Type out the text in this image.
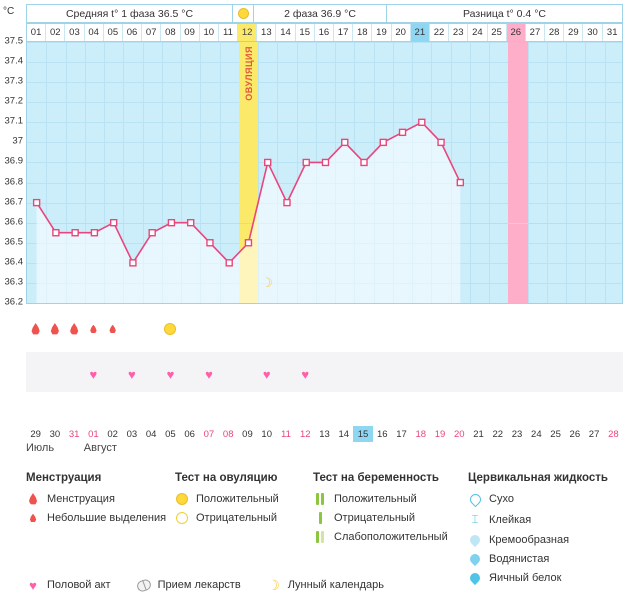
Средняя t° 1 фаза 36.5 °C	2 фаза 36.9 °C	Разница t° 0.4 °C
°C
37.5
37.4
37.3
37.2
37.1
37
36.9
36.8
36.7
36.6
36.5
36.4
36.3
36.2
01 02 03 04 05 06 07 08 09 10 11 12 13 14 15 16 17 18 19 20 21 22 23 24 25 26 27 28 29 30 31
ОВУЛЯЦИЯ
☽
♥ ♥ ♥ ♥	♥ ♥
29 30 31 01 02 03 04 05 06 07 08 09 10 11 12 13 14 15 16 17 18 19 20 21 22 23 24 25 26 27 28
Июль	Август
Менструация
Менструация
Небольшие выделения
Тест на овуляцию
Положительный
Отрицательный
Тест на беременность
Положительный
Отрицательный
Слабоположительный
Цервикальная жидкость
Сухо
⌶ Клейкая
Кремообразная
Водянистая
Яичный белок
♥ Половой акт	Прием лекарств ☽ Лунный календарь
